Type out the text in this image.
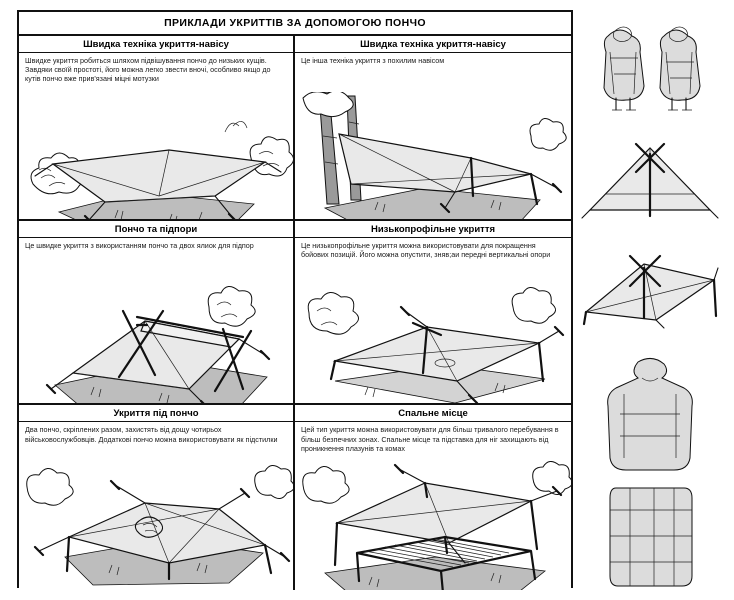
ПРИКЛАДИ УКРИТТІВ ЗА ДОПОМОГОЮ ПОНЧО
Швидка техніка укриття-навісу
Швидке укриття робиться шляхом підвішування пончо до низьких кущів. Завдяки своїй простоті, його можна легко звести вночі, особливо якщо до кутів пончо вже прив'язані міцні мотузки
Швидка техніка укриття-навісу
Це інша техніка укриття з похилим навісом
Пончо та підпори
Це швидке укриття з використанням пончо та двох ялиок для підпор
Низькопрофільне укриття
Це низькопрофільне укриття можна використовувати для покращення бойових позицій. Його можна опустити, зняв;аи передні вертикальні опори
Укриття під пончо
Два пончо, скріплених разом, захистять від дощу чотирьох військовослужбовців. Додаткові пончо можна використовувати як підстилки
Спальне місце
Цей тип укриття можна використовувати для більш тривалого перебування в більш безпечних зонах. Спальне місце та підставка для ніг захищають від проникнення плазунів та комах
